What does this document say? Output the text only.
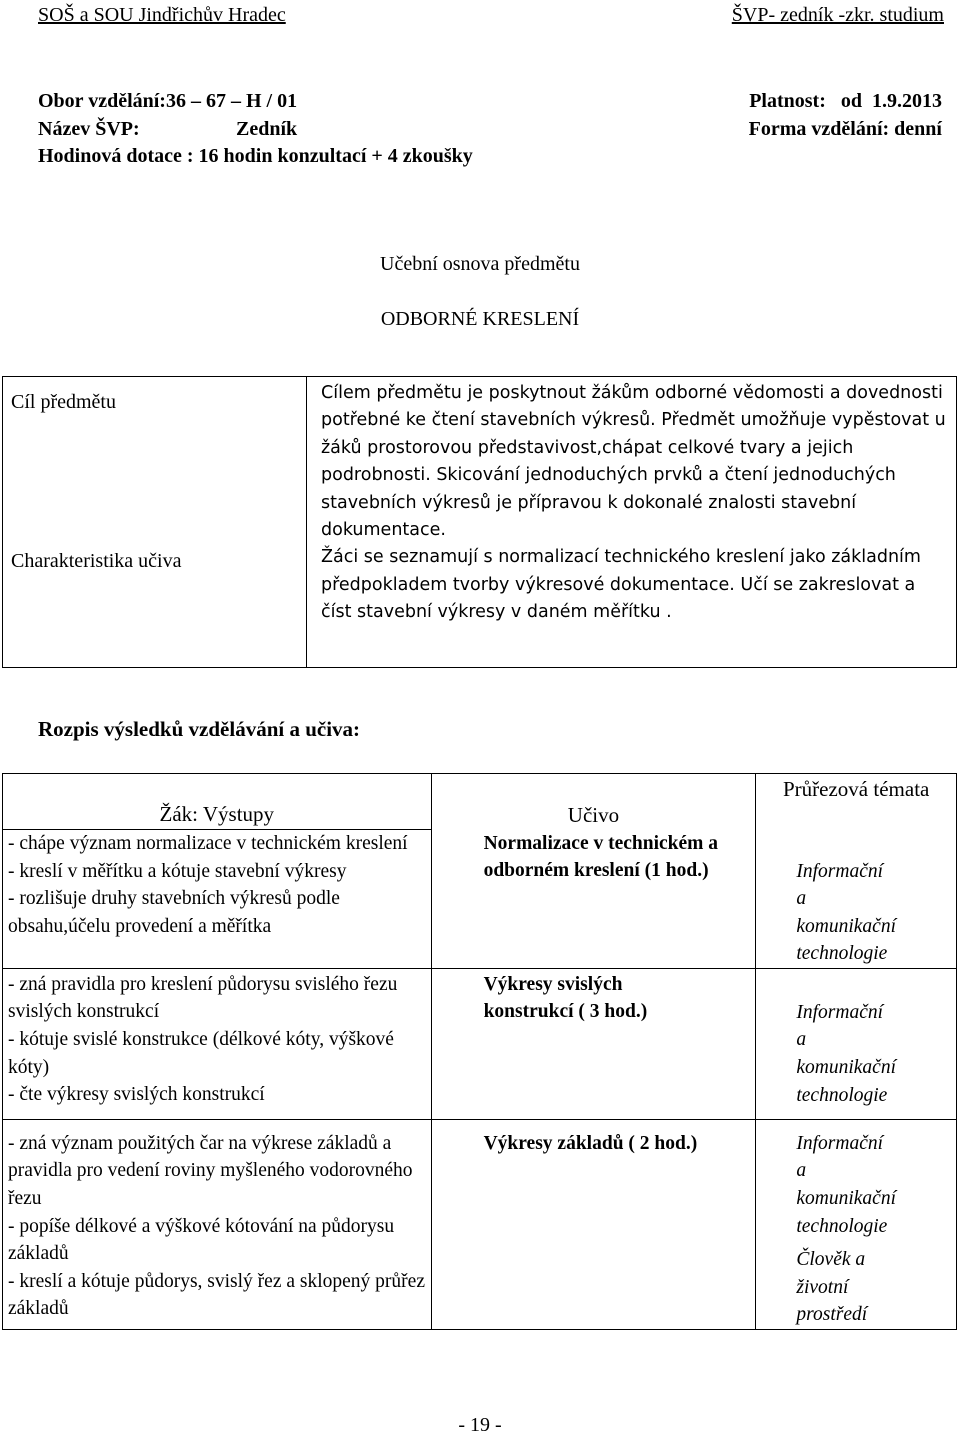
SOŠ a SOU Jindřichův Hradec	ŠVP- zedník -zkr. studium
Obor vzdělání:36 – 67 – H / 01	Platnost:   od  1.9.2013
Název ŠVP:	Zedník	Forma vzdělání: denní
Hodinová dotace : 16 hodin konzultací + 4 zkoušky
Učební osnova předmětu
ODBORNÉ KRESLENÍ
Cíl předmětu	Cílem předmětu je poskytnout žákům odborné vědomosti a dovednosti potřebné ke čtení stavebních výkresů. Předmět umožňuje vypěstovat u žáků prostorovou představivost,chápat celkové tvary a jejich podrobnosti. Skicování jednoduchých prvků a čtení jednoduchých stavebních výkresů je přípravou k dokonalé znalosti stavební dokumentace.
Charakteristika učiva	Žáci se seznamují s normalizací technického kreslení jako základním předpokladem tvorby výkresové dokumentace. Učí se zakreslovat a číst stavební výkresy v daném měřítku .
Rozpis výsledků vzdělávání a učiva:
Žák: Výstupy	Učivo	Průřezová témata

- chápe význam normalizace v technickém kreslení
- kreslí v měřítku a kótuje stavební výkresy
- rozlišuje druhy stavebních výkresů podle obsahu,účelu provedení a měřítka	Normalizace v technickém a odborném kreslení (1 hod.)	Informační a komunikační technologie

- zná pravidla pro kreslení půdorysu svislého řezu svislých konstrukcí
- kótuje svislé konstrukce (délkové kóty, výškové kóty)
- čte výkresy svislých konstrukcí	Výkresy svislých konstrukcí ( 3 hod.)	Informační a komunikační technologie

- zná význam použitých čar na výkrese základů a pravidla pro vedení roviny myšleného vodorovného řezu
- popíše délkové a výškové kótování na půdorysu základů
- kreslí a kótuje půdorys, svislý řez a sklopený průřez základů	Výkresy základů ( 2 hod.)	Informační a komunikační technologie
Člověk a životní prostředí
- 19 -
